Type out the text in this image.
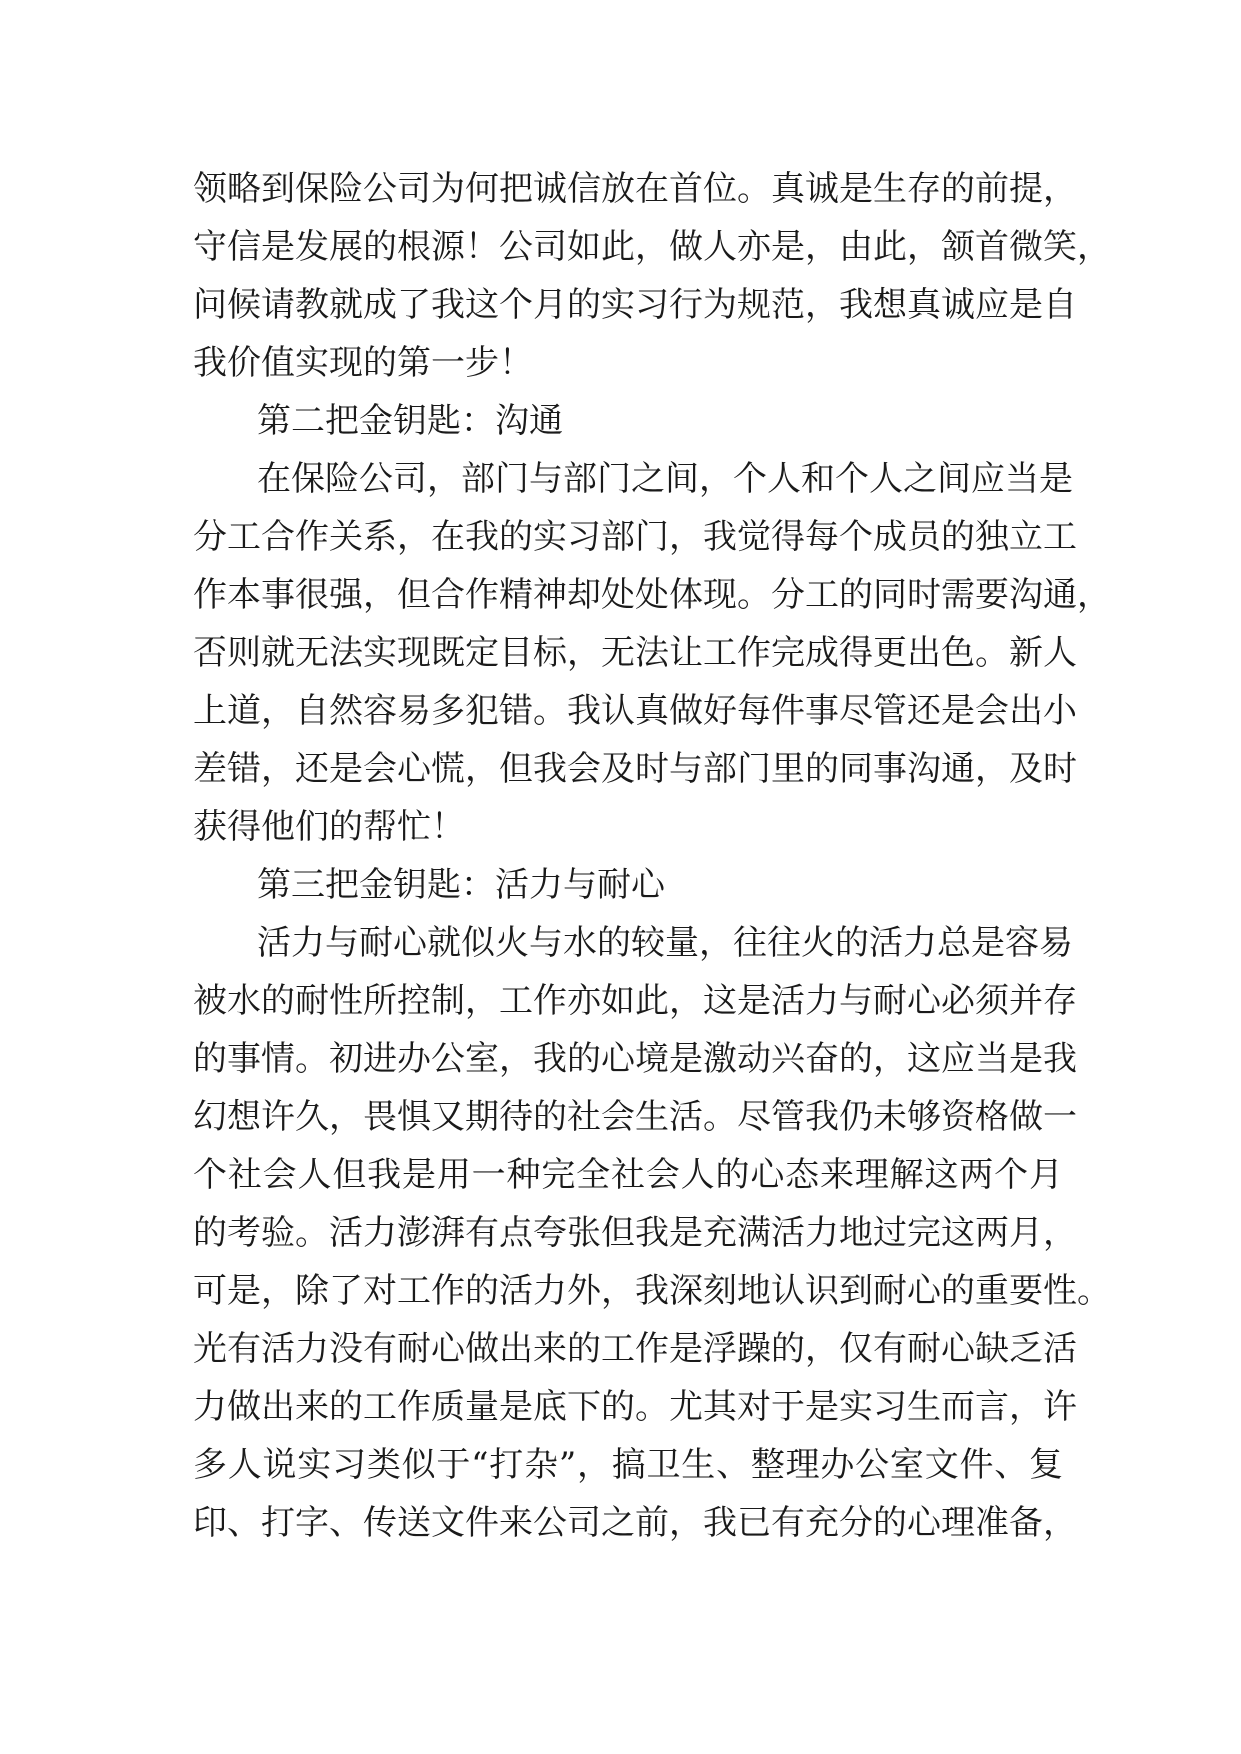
领略到保险公司为何把诚信放在首位。真诚是生存的前提，
守信是发展的根源！公司如此，做人亦是，由此，颔首微笑，
问候请教就成了我这个月的实习行为规范，我想真诚应是自
我价值实现的第一步！
第二把金钥匙：沟通
在保险公司，部门与部门之间，个人和个人之间应当是
分工合作关系，在我的实习部门，我觉得每个成员的独立工
作本事很强，但合作精神却处处体现。分工的同时需要沟通，
否则就无法实现既定目标，无法让工作完成得更出色。新人
上道，自然容易多犯错。我认真做好每件事尽管还是会出小
差错，还是会心慌，但我会及时与部门里的同事沟通，及时
获得他们的帮忙！
第三把金钥匙：活力与耐心
活力与耐心就似火与水的较量，往往火的活力总是容易
被水的耐性所控制，工作亦如此，这是活力与耐心必须并存
的事情。初进办公室，我的心境是激动兴奋的，这应当是我
幻想许久，畏惧又期待的社会生活。尽管我仍未够资格做一
个社会人但我是用一种完全社会人的心态来理解这两个月
的考验。活力澎湃有点夸张但我是充满活力地过完这两月，
可是，除了对工作的活力外，我深刻地认识到耐心的重要性。
光有活力没有耐心做出来的工作是浮躁的，仅有耐心缺乏活
力做出来的工作质量是底下的。尤其对于是实习生而言，许
多人说实习类似于“打杂”，搞卫生、整理办公室文件、复
印、打字、传送文件来公司之前，我已有充分的心理准备，
